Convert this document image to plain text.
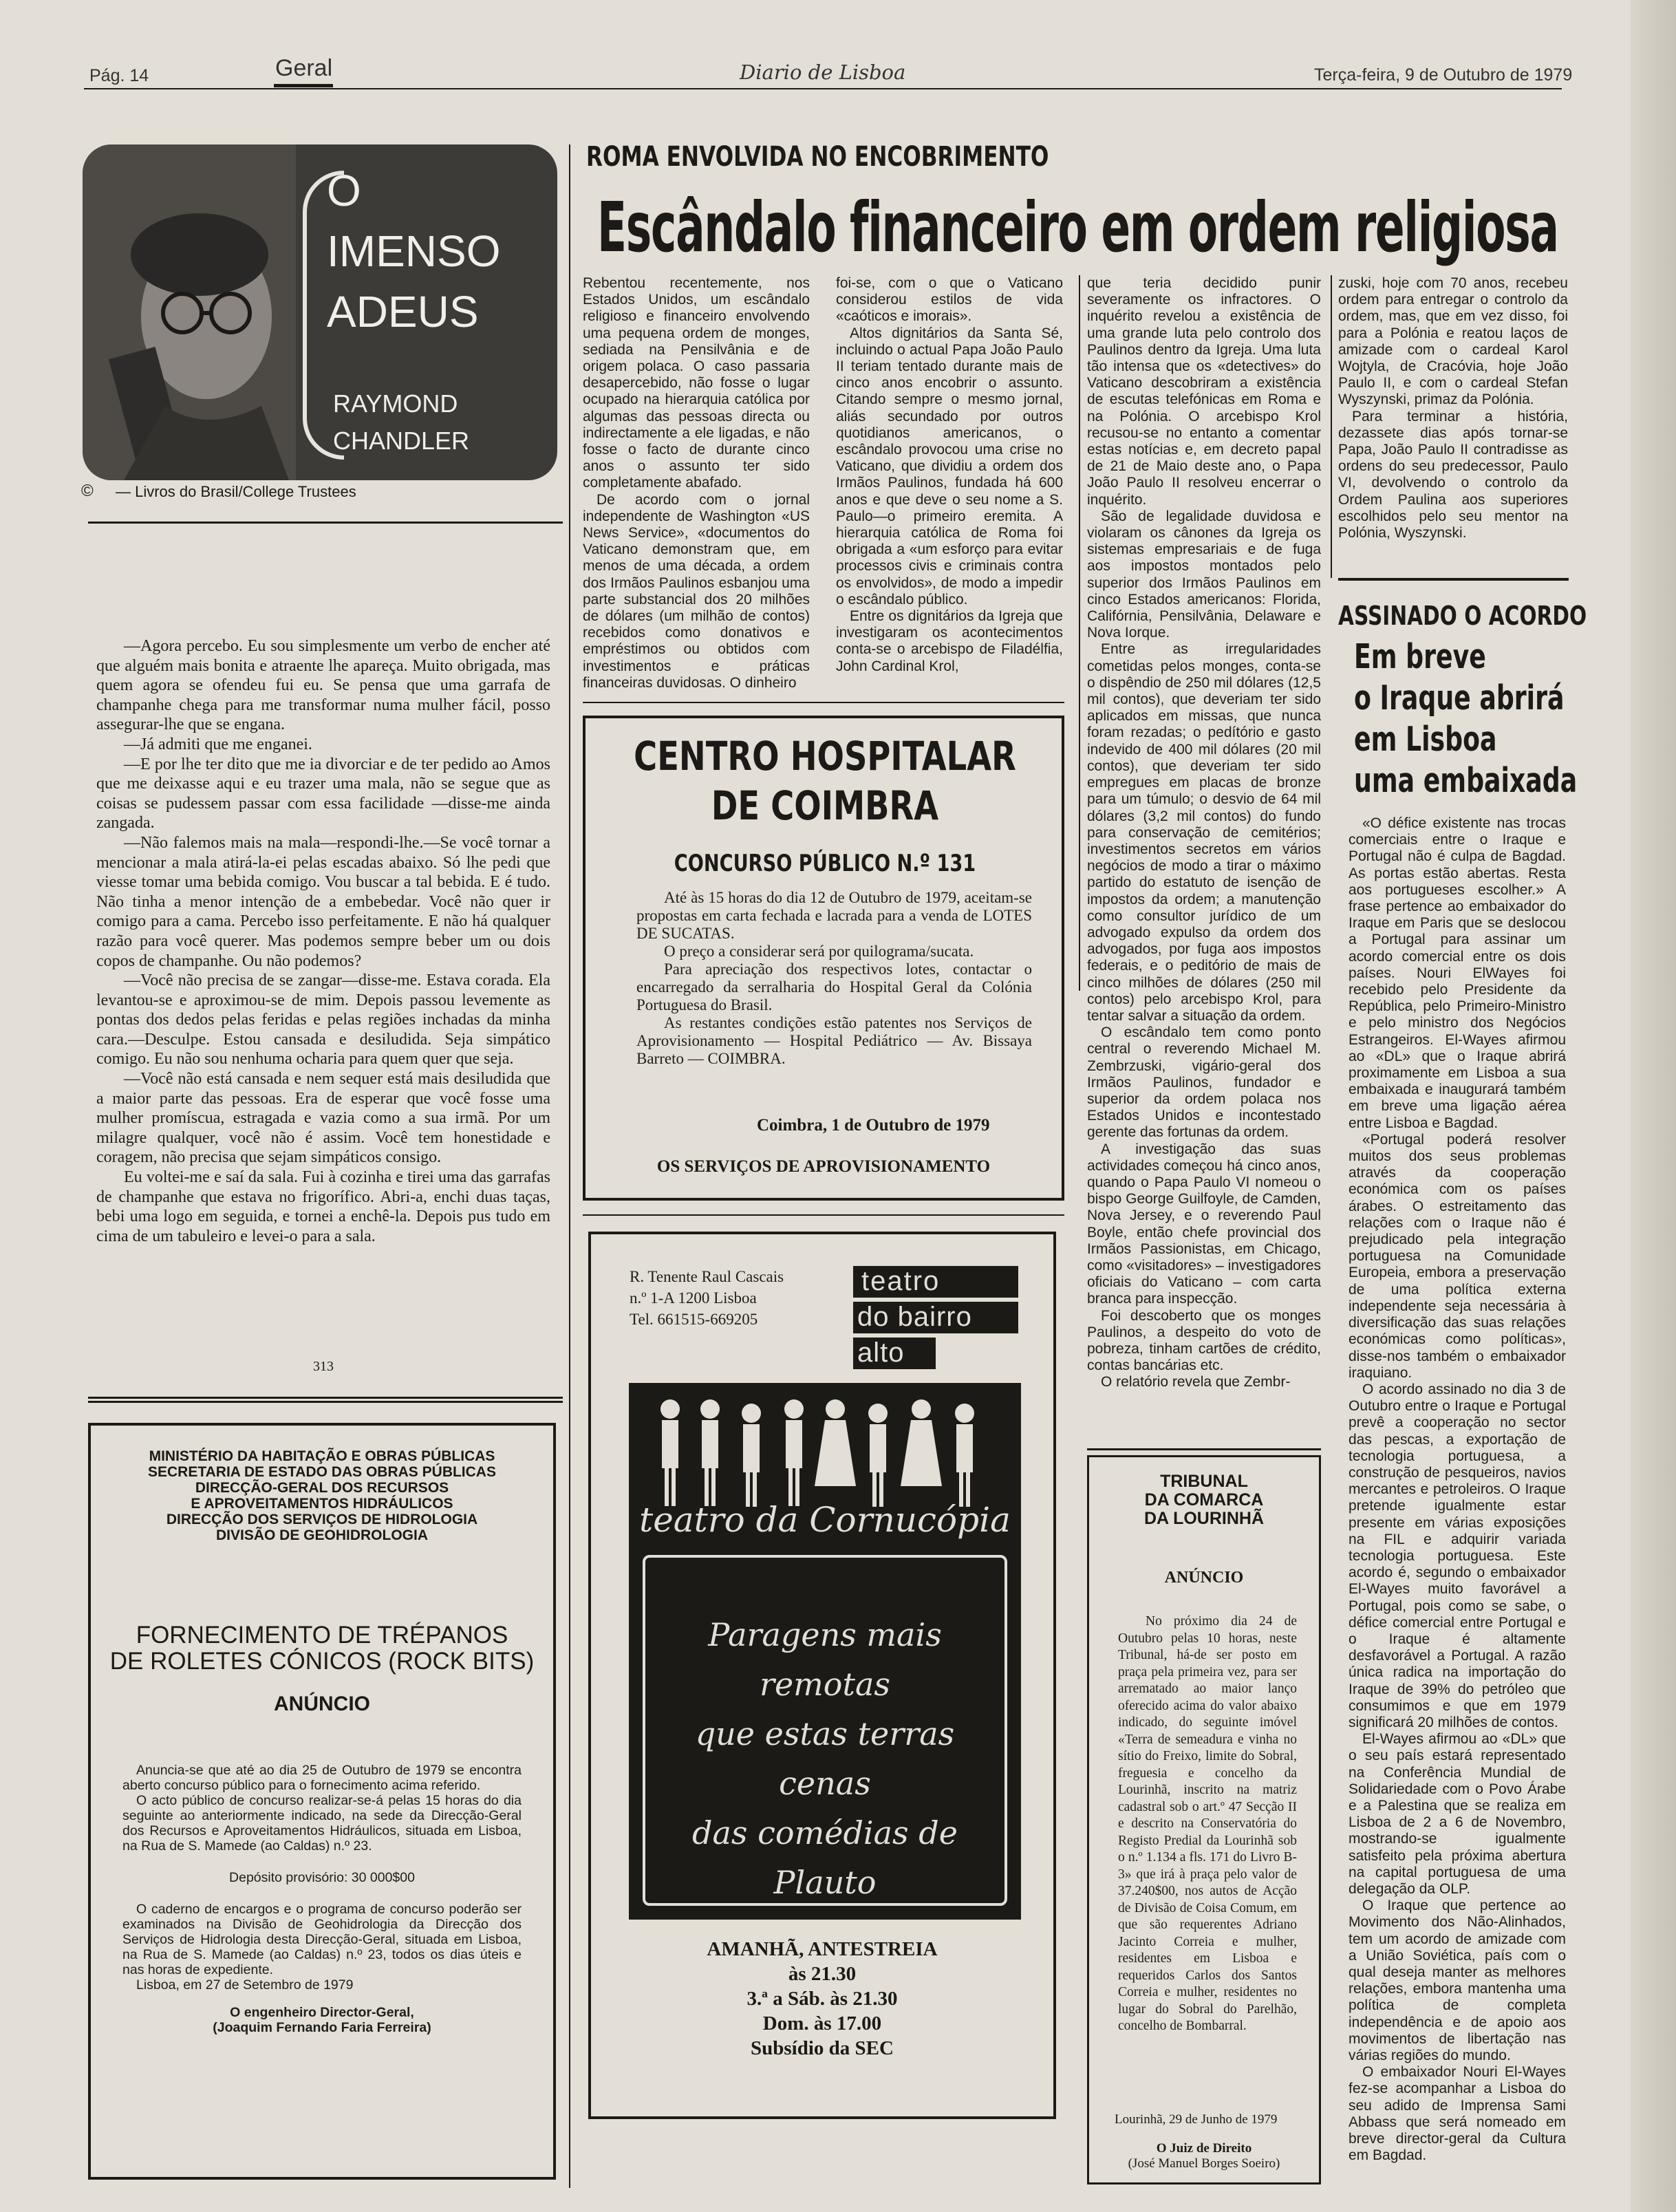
Pág. 14	Geral	Diario de Lisboa	Terça-feira, 9 de Outubro de 1979
O
IMENSO
ADEUS
RAYMOND
CHANDLER
© — Livros do Brasil/College Trustees

—Agora percebo. Eu sou simplesmente um verbo de encher até que alguém mais bonita e atraente lhe apareça. Muito obrigada, mas quem agora se ofendeu fui eu. Se pensa que uma garrafa de champanhe chega para me transformar numa mulher fácil, posso assegurar-lhe que se engana.

—Já admiti que me enganei.

—E por lhe ter dito que me ia divorciar e de ter pedido ao Amos que me deixasse aqui e eu trazer uma mala, não se segue que as coisas se pudessem passar com essa facilidade —disse-me ainda zangada.

—Não falemos mais na mala—respondi-lhe.—Se você tornar a mencionar a mala atirá-la-ei pelas escadas abaixo. Só lhe pedi que viesse tomar uma bebida comigo. Vou buscar a tal bebida. E é tudo. Não tinha a menor intenção de a embebedar. Você não quer ir comigo para a cama. Percebo isso perfeitamente. E não há qualquer razão para você querer. Mas podemos sempre beber um ou dois copos de champanhe. Ou não podemos?

—Você não precisa de se zangar—disse-me. Estava corada. Ela levantou-se e aproximou-se de mim. Depois passou levemente as pontas dos dedos pelas feridas e pelas regiões inchadas da minha cara.—Desculpe. Estou cansada e desiludida. Seja simpático comigo. Eu não sou nenhuma ocharia para quem quer que seja.

—Você não está cansada e nem sequer está mais desiludida que a maior parte das pessoas. Era de esperar que você fosse uma mulher promíscua, estragada e vazia como a sua irmã. Por um milagre qualquer, você não é assim. Você tem honestidade e coragem, não precisa que sejam simpáticos consigo.

Eu voltei-me e saí da sala. Fui à cozinha e tirei uma das garrafas de champanhe que estava no frigorífico. Abri-a, enchi duas taças, bebi uma logo em seguida, e tornei a enchê-la. Depois pus tudo em cima de um tabuleiro e levei-o para a sala.

313
MINISTÉRIO DA HABITAÇÃO E OBRAS PÚBLICAS
SECRETARIA DE ESTADO DAS OBRAS PÚBLICAS
DIRECÇÃO-GERAL DOS RECURSOS
E APROVEITAMENTOS HIDRÁULICOS
DIRECÇÃO DOS SERVIÇOS DE HIDROLOGIA
DIVISÃO DE GEOHIDROLOGIA
FORNECIMENTO DE TRÉPANOS
DE ROLETES CÓNICOS (ROCK BITS)
ANÚNCIO

Anuncia-se que até ao dia 25 de Outubro de 1979 se encontra aberto concurso público para o fornecimento acima referido.

O acto público de concurso realizar-se-á pelas 15 horas do dia seguinte ao anteriormente indicado, na sede da Direcção-Geral dos Recursos e Aproveitamentos Hidráulicos, situada em Lisboa, na Rua de S. Mamede (ao Caldas) n.º 23.

Depósito provisório: 30 000$00

O caderno de encargos e o programa de concurso poderão ser examinados na Divisão de Geohidrologia da Direcção dos Serviços de Hidrologia desta Direcção-Geral, situada em Lisboa, na Rua de S. Mamede (ao Caldas) n.º 23, todos os dias úteis e nas horas de expediente.

Lisboa, em 27 de Setembro de 1979

O engenheiro Director-Geral,

(Joaquim Fernando Faria Ferreira)

ROMA ENVOLVIDA NO ENCOBRIMENTO
Escândalo financeiro em ordem religiosa

Rebentou recentemente, nos Estados Unidos, um escândalo religioso e financeiro envolvendo uma pequena ordem de monges, sediada na Pensilvânia e de origem polaca. O caso passaria desapercebido, não fosse o lugar ocupado na hierarquia católica por algumas das pessoas directa ou indirectamente a ele ligadas, e não fosse o facto de durante cinco anos o assunto ter sido completamente abafado.

De acordo com o jornal independente de Washington «US News Service», «documentos do Vaticano demonstram que, em menos de uma década, a ordem dos Irmãos Paulinos esbanjou uma parte substancial dos 20 milhões de dólares (um milhão de contos) recebidos como donativos e empréstimos ou obtidos com investimentos e práticas financeiras duvidosas. O dinheiro

foi-se, com o que o Vaticano considerou estilos de vida «caóticos e imorais».

Altos dignitários da Santa Sé, incluindo o actual Papa João Paulo II teriam tentado durante mais de cinco anos encobrir o assunto. Citando sempre o mesmo jornal, aliás secundado por outros quotidianos americanos, o escândalo provocou uma crise no Vaticano, que dividiu a ordem dos Irmãos Paulinos, fundada há 600 anos e que deve o seu nome a S. Paulo—o primeiro eremita. A hierarquia católica de Roma foi obrigada a «um esforço para evitar processos civis e criminais contra os envolvidos», de modo a impedir o escândalo público.

Entre os dignitários da Igreja que investigaram os acontecimentos conta-se o arcebispo de Filadélfia, John Cardinal Krol,

que teria decidido punir severamente os infractores. O inquérito revelou a existência de uma grande luta pelo controlo dos Paulinos dentro da Igreja. Uma luta tão intensa que os «detectives» do Vaticano descobriram a existência de escutas telefónicas em Roma e na Polónia. O arcebispo Krol recusou-se no entanto a comentar estas notícias e, em decreto papal de 21 de Maio deste ano, o Papa João Paulo II resolveu encerrar o inquérito.

São de legalidade duvidosa e violaram os cânones da Igreja os sistemas empresariais e de fuga aos impostos montados pelo superior dos Irmãos Paulinos em cinco Estados americanos: Florida, Califórnia, Pensilvânia, Delaware e Nova Iorque.

Entre as irregularidades cometidas pelos monges, conta-se o dispêndio de 250 mil dólares (12,5 mil contos), que deveriam ter sido aplicados em missas, que nunca foram rezadas; o pedítório e gasto indevido de 400 mil dólares (20 mil contos), que deveriam ter sido empregues em placas de bronze para um túmulo; o desvio de 64 mil dólares (3,2 mil contos) do fundo para conservação de cemitérios; investimentos secretos em vários negócios de modo a tirar o máximo partido do estatuto de isenção de impostos da ordem; a manutenção como consultor jurídico de um advogado expulso da ordem dos advogados, por fuga aos impostos federais, e o peditório de mais de cinco milhões de dólares (250 mil contos) pelo arcebispo Krol, para tentar salvar a situação da ordem.

O escândalo tem como ponto central o reverendo Michael M. Zembrzuski, vigário-geral dos Irmãos Paulinos, fundador e superior da ordem polaca nos Estados Unidos e incontestado gerente das fortunas da ordem.

A investigação das suas actividades começou há cinco anos, quando o Papa Paulo VI nomeou o bispo George Guilfoyle, de Camden, Nova Jersey, e o reverendo Paul Boyle, então chefe provincial dos Irmãos Passionistas, em Chicago, como «visitadores» – investigadores oficiais do Vaticano – com carta branca para inspecção.

Foi descoberto que os monges Paulinos, a despeito do voto de pobreza, tinham cartões de crédito, contas bancárias etc.

O relatório revela que Zembr-

zuski, hoje com 70 anos, recebeu ordem para entregar o controlo da ordem, mas, que em vez disso, foi para a Polónia e reatou laços de amizade com o cardeal Karol Wojtyla, de Cracóvia, hoje João Paulo II, e com o cardeal Stefan Wyszynski, primaz da Polónia.

Para terminar a história, dezassete dias após tornar-se Papa, João Paulo II contradisse as ordens do seu predecessor, Paulo VI, devolvendo o controlo da Ordem Paulina aos superiores escolhidos pelo seu mentor na Polónia, Wyszynski.

CENTRO HOSPITALAR
DE COIMBRA
CONCURSO PÚBLICO N.º 131

Até às 15 horas do dia 12 de Outubro de 1979, aceitam-se propostas em carta fechada e lacrada para a venda de LOTES DE SUCATAS.

O preço a considerar será por quilograma/sucata.

Para apreciação dos respectivos lotes, contactar o encarregado da serralharia do Hospital Geral da Colónia Portuguesa do Brasil.

As restantes condições estão patentes nos Serviços de Aprovisionamento — Hospital Pediátrico — Av. Bissaya Barreto — COIMBRA.

Coimbra, 1 de Outubro de 1979
OS SERVIÇOS DE APROVISIONAMENTO
R. Tenente Raul Cascais
n.º 1-A 1200 Lisboa
Tel. 661515-669205
teatro
do bairro
alto
teatro da Cornucópia
Paragens mais remotas
que estas terras
cenas
das comédias de Plauto
AMANHÃ, ANTESTREIA
às 21.30
3.ª a Sáb. às 21.30
Dom. às 17.00
Subsídio da SEC
TRIBUNAL
DA COMARCA
DA LOURINHÃ
ANÚNCIO

No próximo dia 24 de Outubro pelas 10 horas, neste Tribunal, há-de ser posto em praça pela primeira vez, para ser arrematado ao maior lanço oferecido acima do valor abaixo indicado, do seguinte imóvel «Terra de semeadura e vinha no sítio do Freixo, limite do Sobral, freguesia e concelho da Lourinhã, inscrito na matriz cadastral sob o art.º 47 Secção II e descrito na Conservatória do Registo Predial da Lourinhã sob o n.º 1.134 a fls. 171 do Livro B-3» que irá à praça pelo valor de 37.240$00, nos autos de Acção de Divisão de Coisa Comum, em que são requerentes Adriano Jacinto Correia e mulher, residentes em Lisboa e requeridos Carlos dos Santos Correia e mulher, residentes no lugar do Sobral do Parelhão, concelho de Bombarral.

Lourinhã, 29 de Junho de 1979
O Juiz de Direito
(José Manuel Borges Soeiro)
ASSINADO O ACORDO
Em breve
o Iraque abrirá
em Lisboa
uma embaixada

«O défice existente nas trocas comerciais entre o Iraque e Portugal não é culpa de Bagdad. As portas estão abertas. Resta aos portugueses escolher.» A frase pertence ao embaixador do Iraque em Paris que se deslocou a Portugal para assinar um acordo comercial entre os dois países. Nouri ElWayes foi recebido pelo Presidente da República, pelo Primeiro-Ministro e pelo ministro dos Negócios Estrangeiros. El-Wayes afirmou ao «DL» que o Iraque abrirá proximamente em Lisboa a sua embaixada e inaugurará também em breve uma ligação aérea entre Lisboa e Bagdad.

«Portugal poderá resolver muitos dos seus problemas através da cooperação económica com os países árabes. O estreitamento das relações com o Iraque não é prejudicado pela integração portuguesa na Comunidade Europeia, embora a preservação de uma política externa independente seja necessária à diversificação das suas relações económicas como políticas», disse-nos também o embaixador iraquiano.

O acordo assinado no dia 3 de Outubro entre o Iraque e Portugal prevê a cooperação no sector das pescas, a exportação de tecnologia portuguesa, a construção de pesqueiros, navios mercantes e petroleiros. O Iraque pretende igualmente estar presente em várias exposições na FIL e adquirir variada tecnologia portuguesa. Este acordo é, segundo o embaixador El-Wayes muito favorável a Portugal, pois como se sabe, o défice comercial entre Portugal e o Iraque é altamente desfavorável a Portugal. A razão única radica na importação do Iraque de 39% do petróleo que consumimos e que em 1979 significará 20 milhões de contos.

El-Wayes afirmou ao «DL» que o seu país estará representado na Conferência Mundial de Solidariedade com o Povo Árabe e a Palestina que se realiza em Lisboa de 2 a 6 de Novembro, mostrando-se igualmente satisfeito pela próxima abertura na capital portuguesa de uma delegação da OLP.

O Iraque que pertence ao Movimento dos Não-Alinhados, tem um acordo de amizade com a União Soviética, país com o qual deseja manter as melhores relações, embora mantenha uma política de completa independência e de apoio aos movimentos de libertação nas várias regiões do mundo.

O embaixador Nouri El-Wayes fez-se acompanhar a Lisboa do seu adido de Imprensa Sami Abbass que será nomeado em breve director-geral da Cultura em Bagdad.
